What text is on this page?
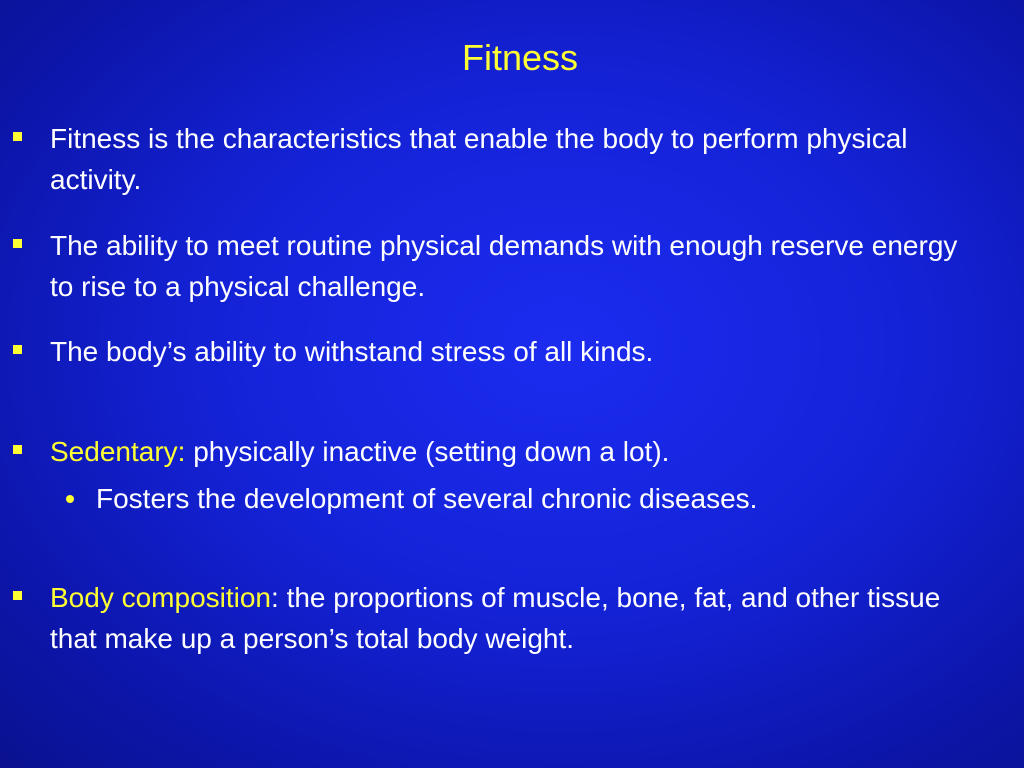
Fitness
Fitness is the characteristics that enable the body to perform physical activity.
The ability to meet routine physical demands with enough reserve energy to rise to a physical challenge.
The body’s ability to withstand stress of all kinds.
Sedentary: physically inactive (setting down a lot).
Fosters the development of several chronic diseases.
Body composition: the proportions of muscle, bone, fat, and other tissue that make up a person’s total body weight.
